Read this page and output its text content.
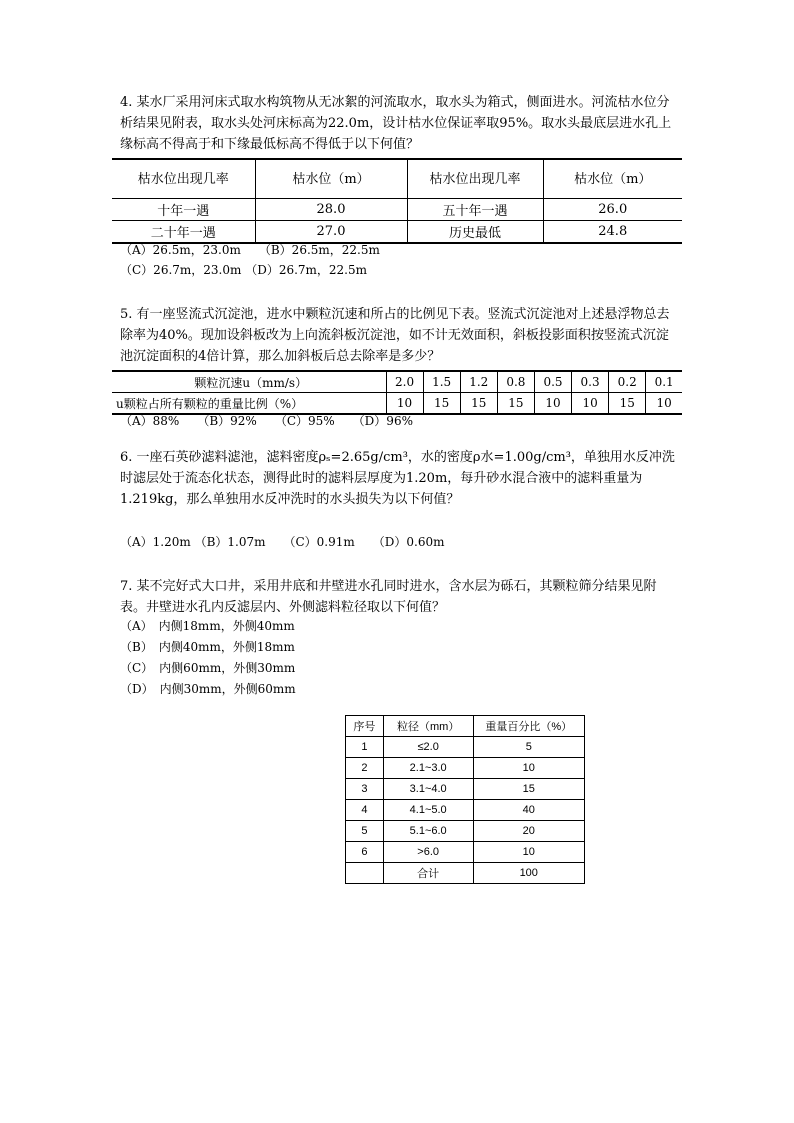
4. 某水厂采用河床式取水构筑物从无冰絮的河流取水，取水头为箱式，侧面进水。河流枯水位分析结果见附表，取水头处河床标高为22.0m，设计枯水位保证率取95%。取水头最底层进水孔上缘标高不得高于和下缘最低标高不得低于以下何值？

枯水位出现几率	枯水位（m）	枯水位出现几率	枯水位（m）
十年一遇	28.0	五十年一遇	26.0
二十年一遇	27.0	历史最低	24.8
（A）26.5m，23.0m　　（B）26.5m，22.5m
（C）26.7m，23.0m （D）26.7m，22.5m

5. 有一座竖流式沉淀池，进水中颗粒沉速和所占的比例见下表。竖流式沉淀池对上述悬浮物总去除率为40%。现加设斜板改为上向流斜板沉淀池，如不计无效面积，斜板投影面积按竖流式沉淀池沉淀面积的4倍计算，那么加斜板后总去除率是多少？

颗粒沉速u（mm/s）	2.0	1.5	1.2	0.8	0.5	0.3	0.2	0.1
u颗粒占所有颗粒的重量比例（%）	10	15	15	15	10	10	15	10
（A）88%　　（B）92%　　（C）95%　　（D）96%

6. 一座石英砂滤料滤池，滤料密度ρₛ=2.65g/cm³，水的密度ρ水=1.00g/cm³，单独用水反冲洗时滤层处于流态化状态，测得此时的滤料层厚度为1.20m，每升砂水混合液中的滤料重量为

1.219kg，那么单独用水反冲洗时的水头损失为以下何值？

（A）1.20m （B）1.07m　　（C）0.91m　　（D）0.60m

7. 某不完好式大口井，采用井底和井壁进水孔同时进水，含水层为砾石，其颗粒筛分结果见附表。井壁进水孔内反滤层内、外侧滤料粒径取以下何值？

（A）　内侧18mm，外侧40mm
（B）　内侧40mm，外侧18mm
（C）　内侧60mm，外侧30mm
（D）　内侧30mm，外侧60mm
序号	粒径（mm）	重量百分比（%）
1	≤2.0	5
2	2.1~3.0	10
3	3.1~4.0	15
4	4.1~5.0	40
5	5.1~6.0	20
6	>6.0	10
	合计	100
